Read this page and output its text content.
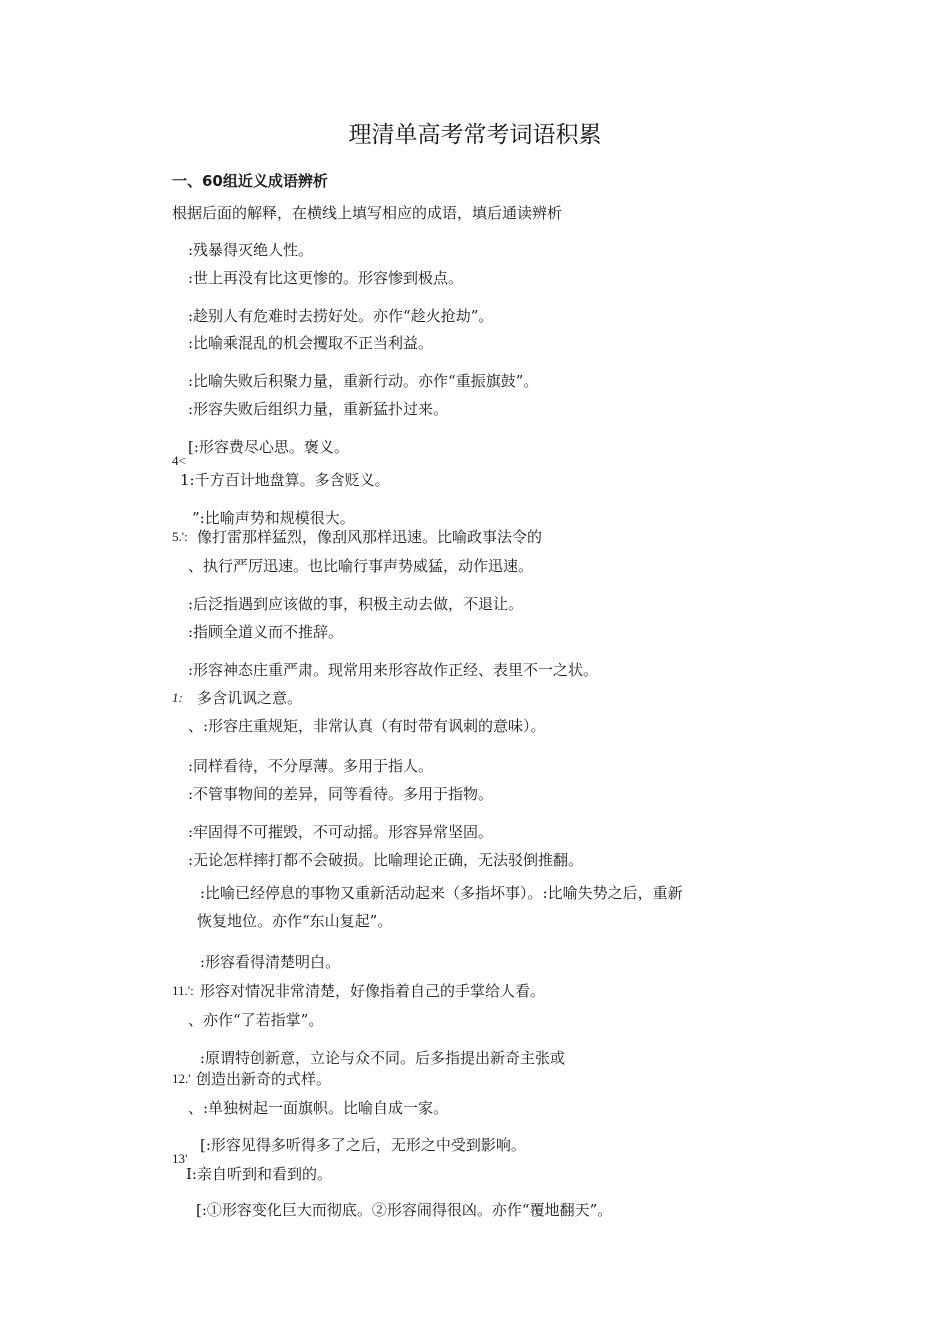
理清单高考常考词语积累
一、60组近义成语辨析
根据后面的解释，在横线上填写相应的成语，填后通读辨析
:残暴得灭绝人性。
:世上再没有比这更惨的。形容惨到极点。
:趁别人有危难时去捞好处。亦作“趁火抢劫”。
:比喻乘混乱的机会攫取不正当利益。
:比喻失败后积聚力量，重新行动。亦作“重振旗鼓”。
:形容失败后组织力量，重新猛扑过来。
[:形容费尽心思。褒义。
4<
1:千方百计地盘算。多含贬义。
”:比喻声势和规模很大。
5.': 像打雷那样猛烈，像刮风那样迅速。比喻政事法令的
、执行严厉迅速。也比喻行事声势威猛，动作迅速。
:后泛指遇到应该做的事，积极主动去做，不退让。
:指顾全道义而不推辞。
:形容神态庄重严肃。现常用来形容故作正经、表里不一之状。
1: 多含讥讽之意。
、:形容庄重规矩，非常认真（有时带有讽刺的意味）。
:同样看待，不分厚薄。多用于指人。
:不管事物间的差异，同等看待。多用于指物。
:牢固得不可摧毁，不可动摇。形容异常坚固。
:无论怎样摔打都不会破损。比喻理论正确，无法驳倒推翻。
:比喻已经停息的事物又重新活动起来（多指坏事）。:比喻失势之后，重新
恢复地位。亦作“东山复起”。
:形容看得清楚明白。
11.': 形容对情况非常清楚，好像指着自己的手掌给人看。
、亦作“了若指掌”。
:原谓特创新意，立论与众不同。后多指提出新奇主张或
12.' 创造出新奇的式样。
、:单独树起一面旗帜。比喻自成一家。
[:形容见得多听得多了之后，无形之中受到影响。
13'
I:亲自听到和看到的。
[:①形容变化巨大而彻底。②形容闹得很凶。亦作“覆地翻天”。
